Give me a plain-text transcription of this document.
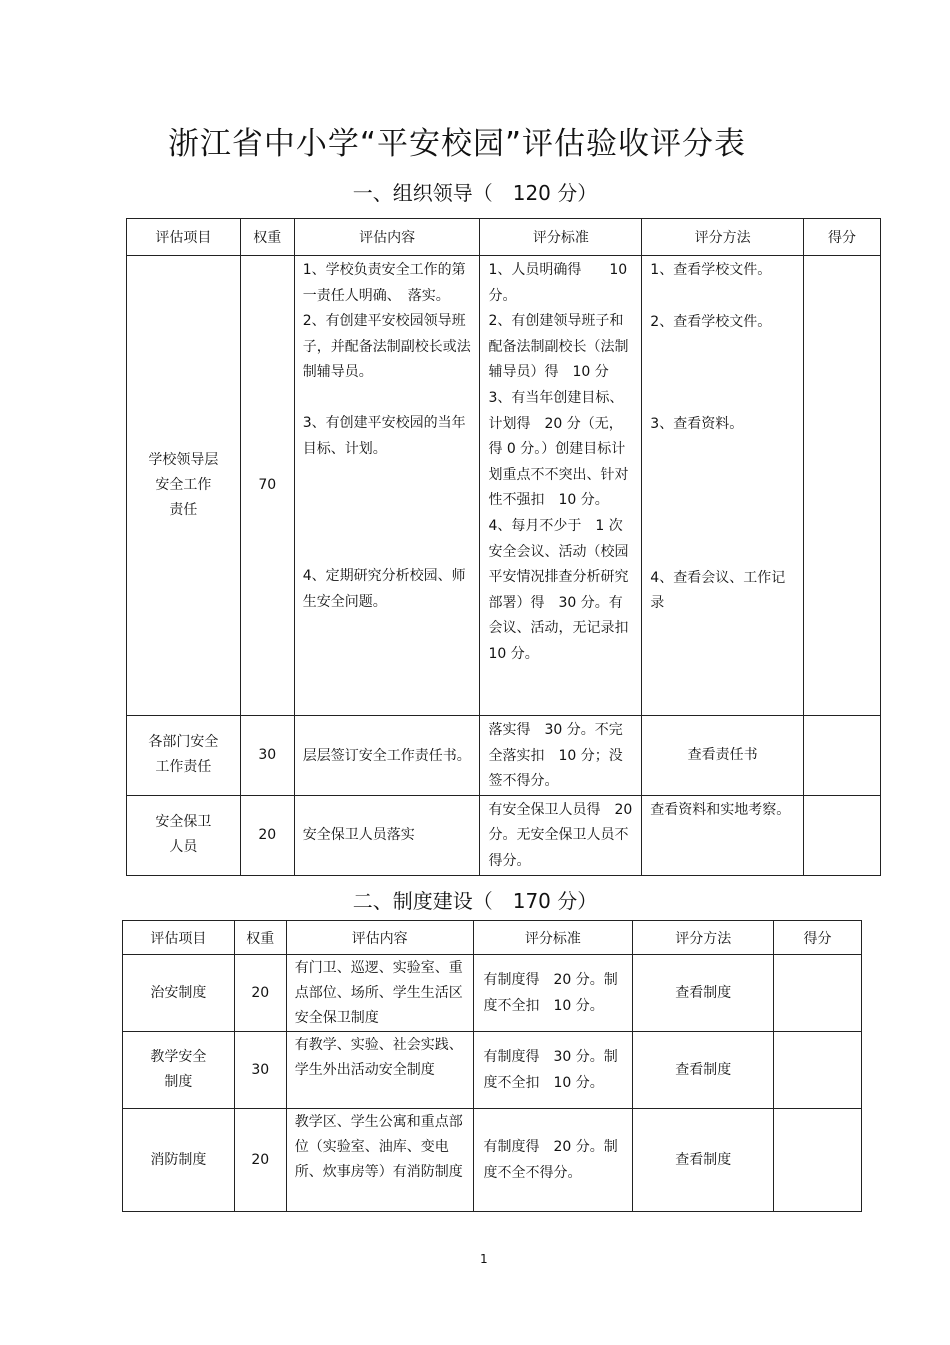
浙江省中小学“平安校园”评估验收评分表
一、组织领导（　120 分）
评估项目	权重	评估内容	评分标准	评分方法	得分

学校领导层
安全工作
责任	70	1、学校负责安全工作的第一责任人明确、　落实。
2、有创建平安校园领导班子，并配备法制副校长或法制辅导员。
3、有创建平安校园的当年目标、计划。
4、定期研究分析校园、师生安全问题。	1、人员明确得　　10 分。
2、有创建领导班子和配备法制副校长（法制辅导员）得　10 分
3、有当年创建目标、计划得　20 分（无，得 0 分。）创建目标计划重点不不突出、针对性不强扣　10 分。
4、每月不少于　1 次安全会议、活动（校园平安情况排查分析研究部署）得　30 分。有会议、活动，无记录扣　10 分。	1、查看学校文件。
2、查看学校文件。
3、查看资料。
4、查看会议、工作记录	

各部门安全
工作责任	30	层层签订安全工作责任书。	落实得　30 分。不完全落实扣　10 分；没签不得分。	查看责任书	

安全保卫
人员	20	安全保卫人员落实	有安全保卫人员得　20　分。无安全保卫人员不得分。	查看资料和实地考察。	
二、制度建设（　170 分）
评估项目	权重	评估内容	评分标准	评分方法	得分
治安制度	20	有门卫、巡逻、实验室、重点部位、场所、学生生活区安全保卫制度	有制度得　20 分。制度不全扣　10 分。	查看制度	

教学安全
制度	30	有教学、实验、社会实践、学生外出活动安全制度	有制度得　30 分。制度不全扣　10 分。	查看制度	
消防制度	20	教学区、学生公寓和重点部位（实验室、油库、变电所、炊事房等）有消防制度	有制度得　20 分。制度不全不得分。	查看制度	
1
